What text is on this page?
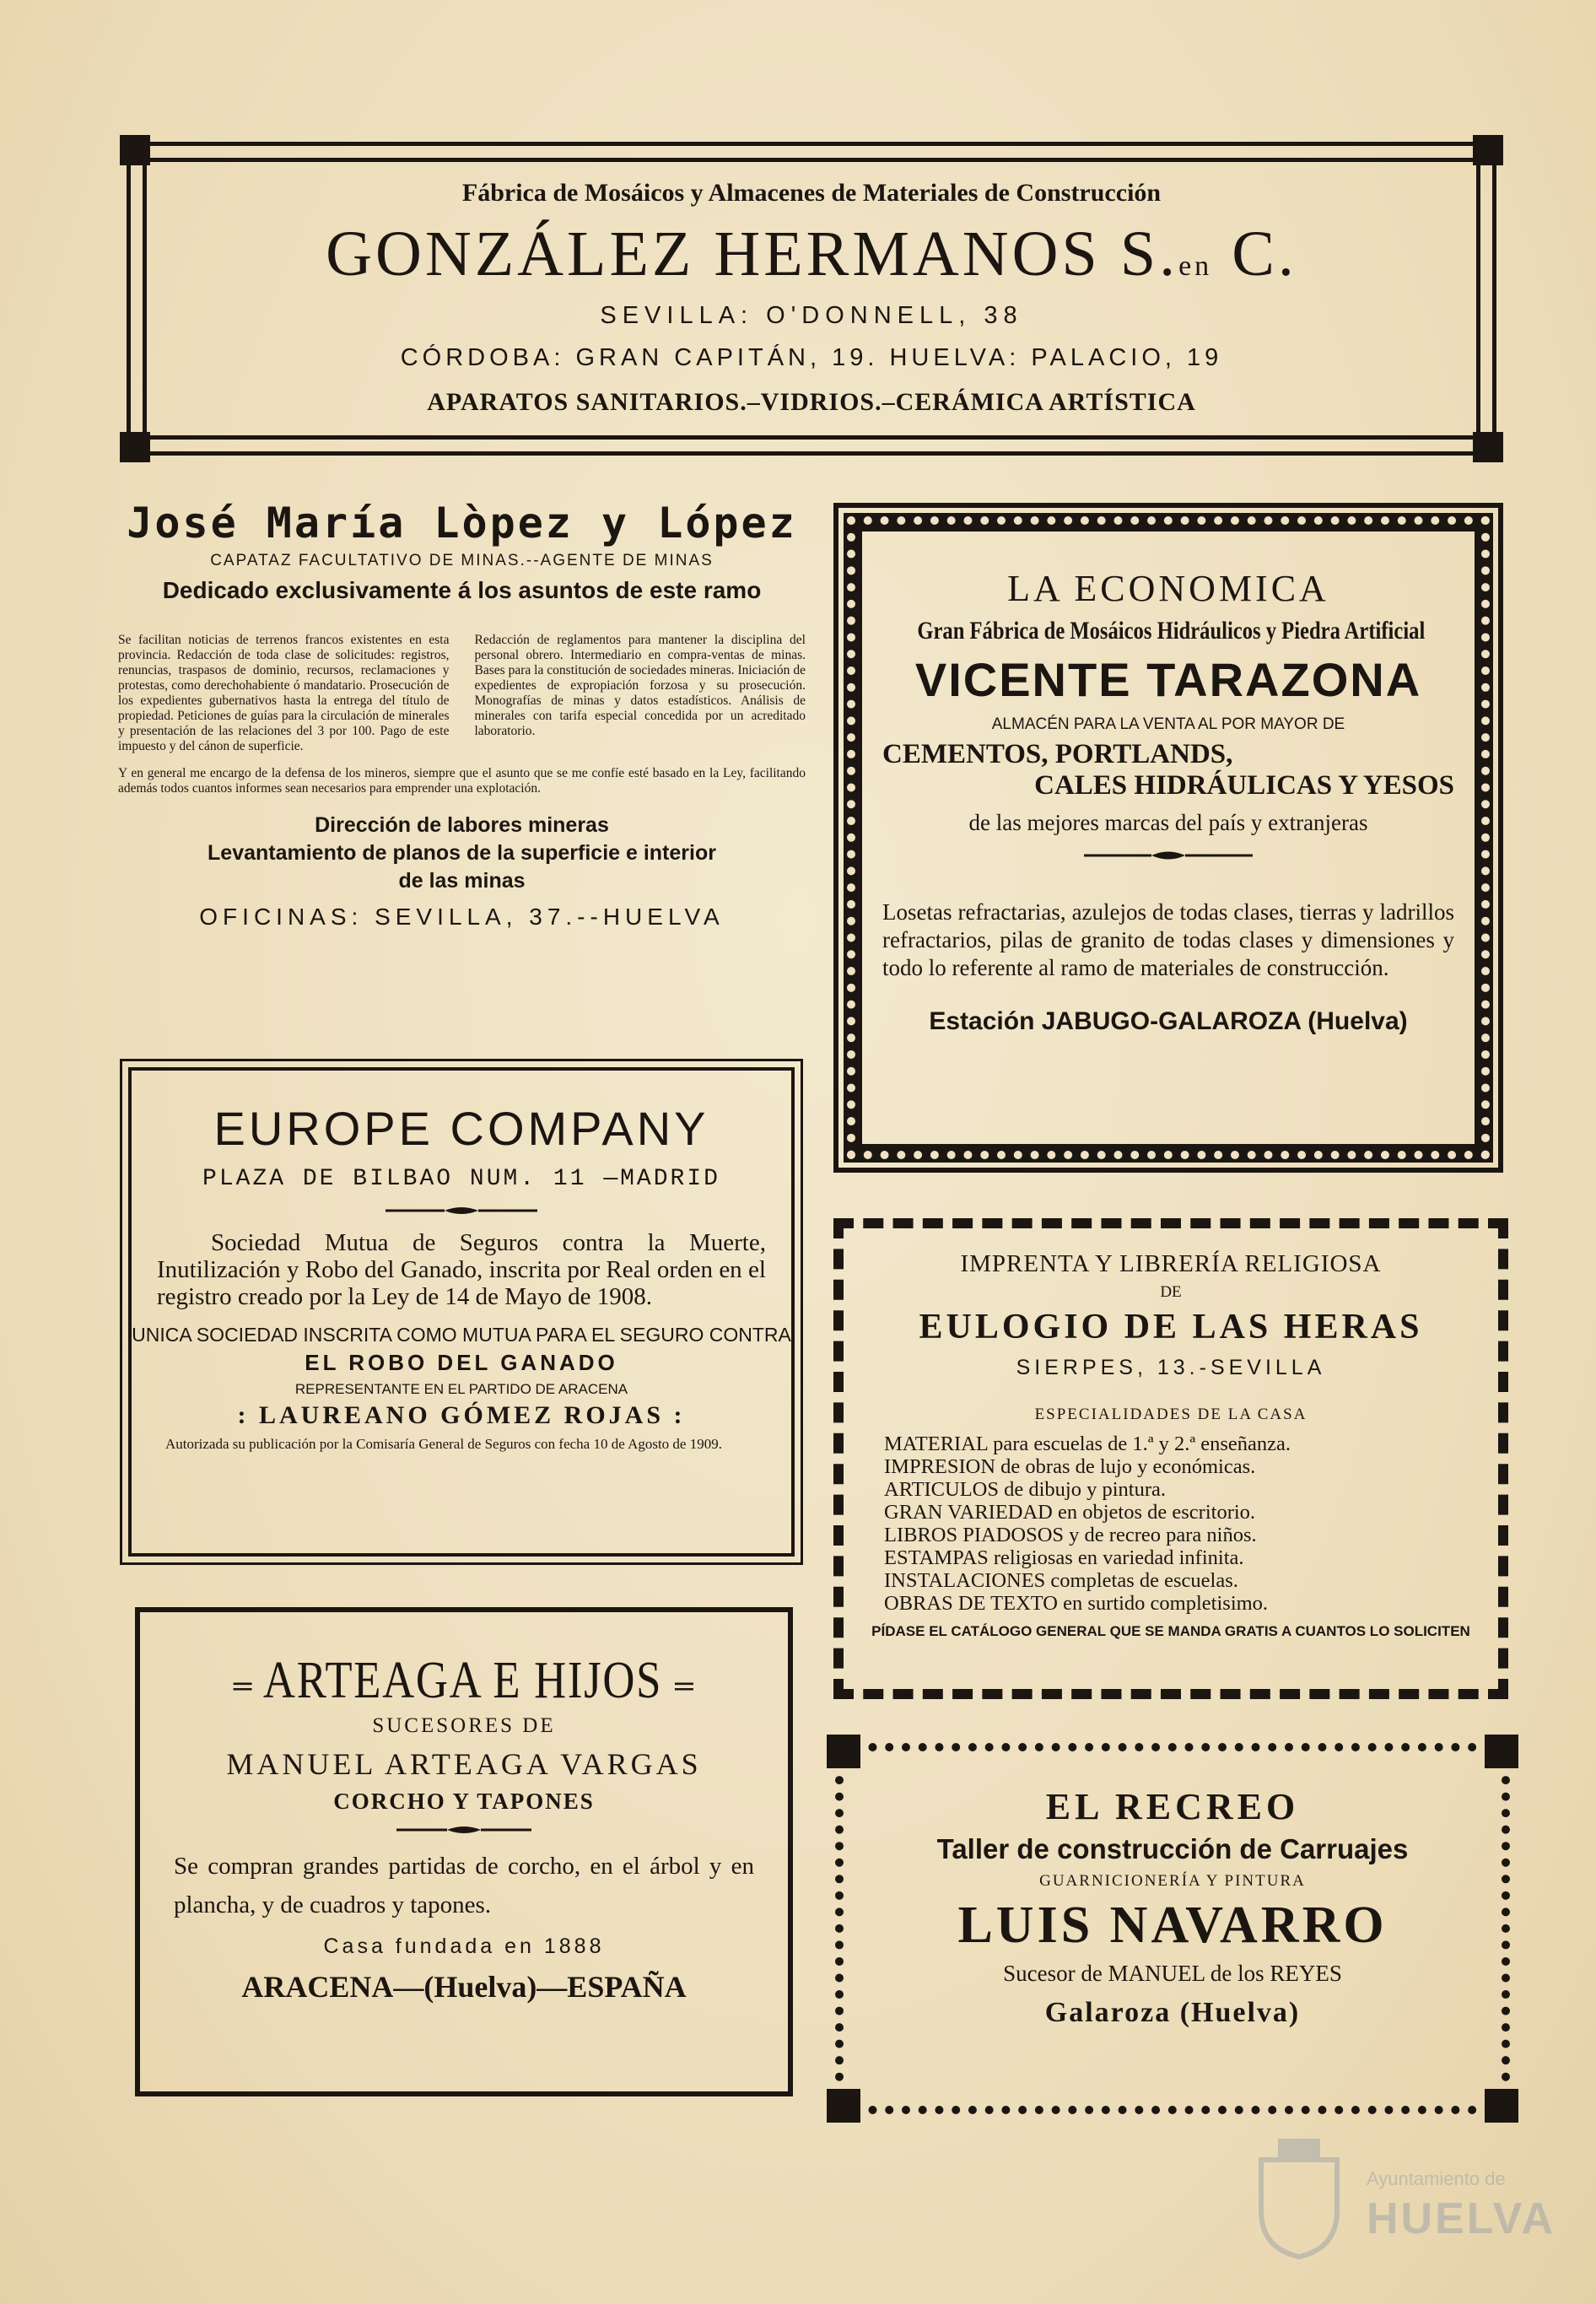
Fábrica de Mosáicos y Almacenes de Materiales de Construcción
GONZÁLEZ HERMANOS S.en C.
SEVILLA: O'DONNELL, 38
CÓRDOBA: GRAN CAPITÁN, 19. HUELVA: PALACIO, 19
APARATOS SANITARIOS.–VIDRIOS.–CERÁMICA ARTÍSTICA
José María Lòpez y López
CAPATAZ FACULTATIVO DE MINAS.--AGENTE DE MINAS
Dedicado exclusivamente á los asuntos de este ramo
Se facilitan noticias de terrenos francos existentes en esta provincia. Redacción de toda clase de solicitudes: registros, renuncias, traspasos de dominio, recursos, reclamaciones y protestas, como derechohabiente ó mandatario. Prosecución de los expedientes gubernativos hasta la entrega del título de propiedad. Peticiones de guías para la circulación de minerales y presentación de las relaciones del 3 por 100. Pago de este impuesto y del cánon de superficie.
Redacción de reglamentos para mantener la disciplina del personal obrero. Intermediario en compra-ventas de minas. Bases para la constitución de sociedades mineras. Iniciación de expedientes de expropiación forzosa y su prosecución. Monografías de minas y datos estadísticos. Análisis de minerales con tarifa especial concedida por un acreditado laboratorio.
Y en general me encargo de la defensa de los mineros, siempre que el asunto que se me confíe esté basado en la Ley, facilitando además todos cuantos informes sean necesarios para emprender una explotación.
Dirección de labores mineras
Levantamiento de planos de la superficie e interior
de las minas
OFICINAS: SEVILLA, 37.--HUELVA
LA ECONOMICA
Gran Fábrica de Mosáicos Hidráulicos y Piedra Artificial
VICENTE TARAZONA
ALMACÉN PARA LA VENTA AL POR MAYOR DE
CEMENTOS, PORTLANDS,
CALES HIDRÁULICAS Y YESOS
de las mejores marcas del país y extranjeras
Losetas refractarias, azulejos de todas clases, tierras y ladrillos refractarios, pilas de granito de todas clases y dimensiones y todo lo referente al ramo de materiales de construcción.
Estación JABUGO-GALAROZA (Huelva)
EUROPE COMPANY
PLAZA DE BILBAO NUM. 11 —MADRID
Sociedad Mutua de Seguros contra la Muerte, Inutilización y Robo del Ganado, inscrita por Real orden en el registro creado por la Ley de 14 de Mayo de 1908.
UNICA SOCIEDAD INSCRITA COMO MUTUA PARA EL SEGURO CONTRA
EL ROBO DEL GANADO
REPRESENTANTE EN EL PARTIDO DE ARACENA
: LAUREANO GÓMEZ ROJAS :
Autorizada su publicación por la Comisaría General de Seguros con fecha 10 de Agosto de 1909.
IMPRENTA Y LIBRERÍA RELIGIOSA
DE
EULOGIO DE LAS HERAS
SIERPES, 13.-SEVILLA
ESPECIALIDADES DE LA CASA
MATERIAL para escuelas de 1.ª y 2.ª enseñanza.
IMPRESION de obras de lujo y económicas.
ARTICULOS de dibujo y pintura.
GRAN VARIEDAD en objetos de escritorio.
LIBROS PIADOSOS y de recreo para niños.
ESTAMPAS religiosas en variedad infinita.
INSTALACIONES completas de escuelas.
OBRAS DE TEXTO en surtido completisimo.
PÍDASE EL CATÁLOGO GENERAL QUE SE MANDA GRATIS A CUANTOS LO SOLICITEN
═ ARTEAGA E HIJOS ═
SUCESORES DE
MANUEL ARTEAGA VARGAS
CORCHO Y TAPONES
Se compran grandes partidas de corcho, en el árbol y en plancha, y de cuadros y tapones.
Casa fundada en 1888
ARACENA—(Huelva)—ESPAÑA
EL RECREO
Taller de construcción de Carruajes
GUARNICIONERÍA Y PINTURA
LUIS NAVARRO
Sucesor de MANUEL de los REYES
Galaroza (Huelva)
Ayuntamiento de
HUELVA
